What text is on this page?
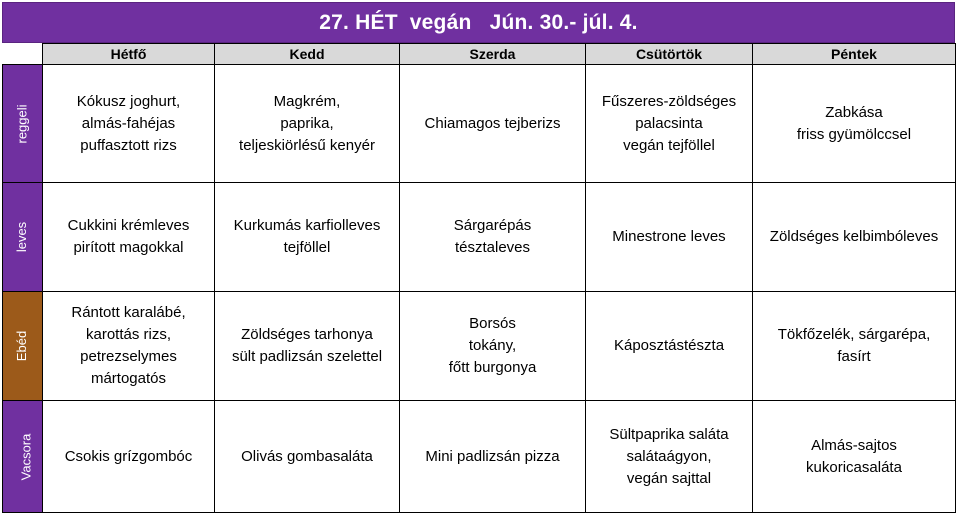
27. HÉT  vegán   Jún. 30.- júl. 4.
	Hétfő	Kedd	Szerda	Csütörtök	Péntek
reggeli	Kókusz joghurt,
almás-fahéjas
puffasztott rizs	Magkrém,
paprika,
teljeskiörlésű kenyér	Chiamagos tejberizs	Fűszeres-zöldséges
palacsinta
vegán tejföllel	Zabkása
friss gyümölccsel

leves	Cukkini krémleves
pirított magokkal	Kurkumás karfiolleves
tejföllel	Sárgarépás
tésztaleves	Minestrone leves	Zöldséges kelbimbóleves

Ebéd	Rántott karalábé,
karottás rizs,
petrezselymes
mártogatós	Zöldséges tarhonya
sült padlizsán szelettel	Borsós
tokány,
főtt burgonya	Káposztástészta	Tökfőzelék, sárgarépa,
fasírt

Vacsora	Csokis grízgombóc	Olivás gombasaláta	Mini padlizsán pizza	Sültpaprika saláta
salátaágyon,
vegán sajttal	Almás-sajtos
kukoricasaláta
